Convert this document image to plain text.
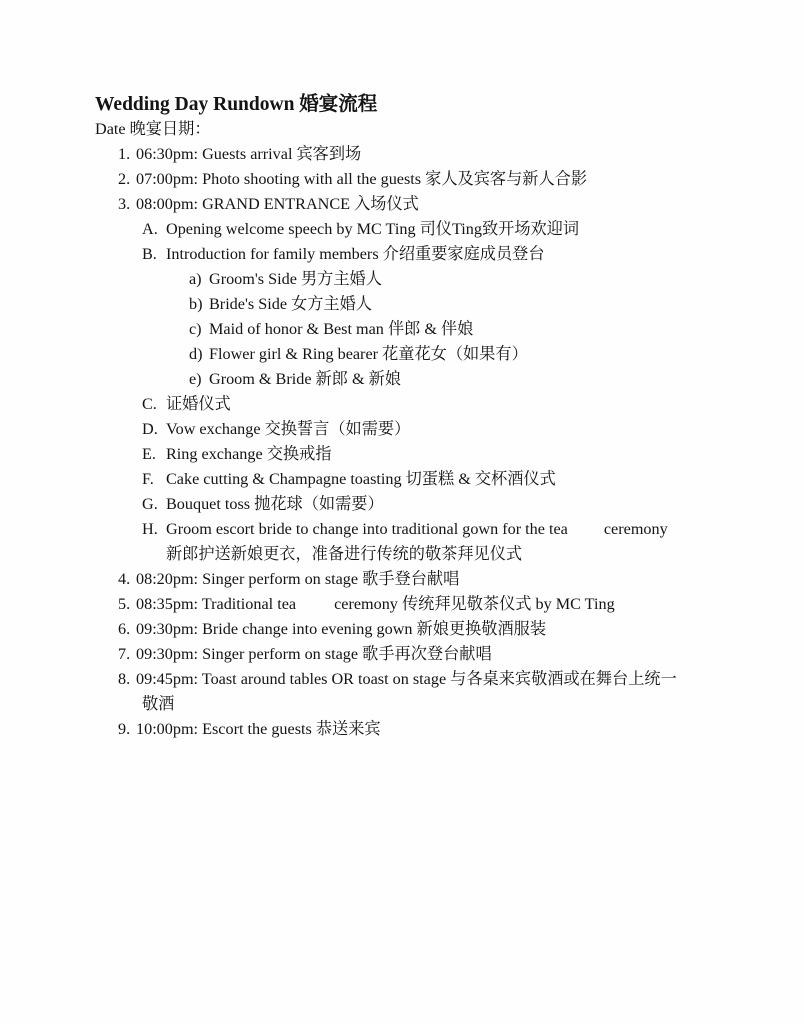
Wedding Day Rundown 婚宴流程
Date 晚宴日期：
1. 06:30pm: Guests arrival 宾客到场
2. 07:00pm: Photo shooting with all the guests 家人及宾客与新人合影
3. 08:00pm: GRAND ENTRANCE 入场仪式
A. Opening welcome speech by MC Ting 司仪Ting致开场欢迎词
B. Introduction for family members 介绍重要家庭成员登台
a) Groom's Side 男方主婚人
b) Bride's Side 女方主婚人
c) Maid of honor & Best man 伴郎 & 伴娘
d) Flower girl & Ring bearer 花童花女（如果有）
e) Groom & Bride 新郎 & 新娘
C. 证婚仪式
D. Vow exchange 交换誓言（如需要）
E. Ring exchange 交换戒指
F. Cake cutting & Champagne toasting 切蛋糕 & 交杯酒仪式
G. Bouquet toss 抛花球（如需要）
H. Groom escort bride to change into traditional gown for the tea ceremony
新郎护送新娘更衣，准备进行传统的敬茶拜见仪式
4. 08:20pm: Singer perform on stage 歌手登台献唱
5. 08:35pm: Traditional tea ceremony 传统拜见敬茶仪式 by MC Ting
6. 09:30pm: Bride change into evening gown 新娘更换敬酒服装
7. 09:30pm: Singer perform on stage 歌手再次登台献唱
8. 09:45pm: Toast around tables OR toast on stage 与各桌来宾敬酒或在舞台上统一
敬酒
9. 10:00pm: Escort the guests 恭送来宾
